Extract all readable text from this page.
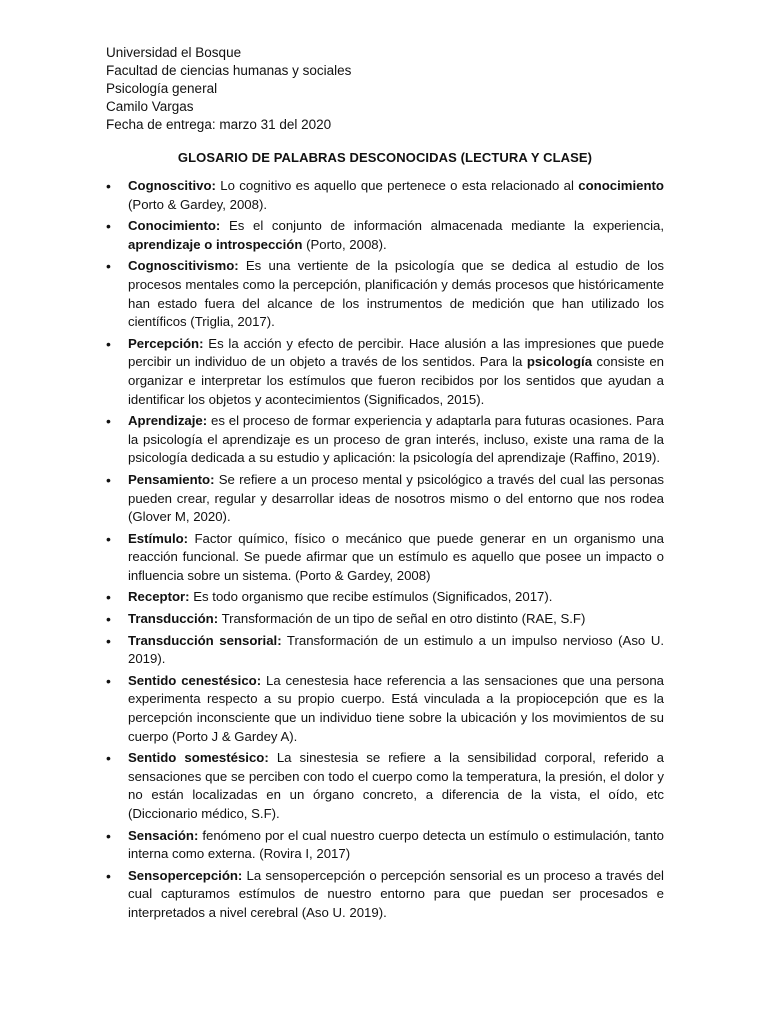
Universidad el Bosque

Facultad de ciencias humanas y sociales

Psicología general

Camilo Vargas

Fecha de entrega: marzo 31 del 2020

GLOSARIO DE PALABRAS DESCONOCIDAS (LECTURA Y CLASE)
• Cognoscitivo: Lo cognitivo es aquello que pertenece o esta relacionado al conocimiento (Porto & Gardey, 2008).
• Conocimiento: Es el conjunto de información almacenada mediante la experiencia, aprendizaje o introspección (Porto, 2008).
• Cognoscitivismo: Es una vertiente de la psicología que se dedica al estudio de los procesos mentales como la percepción, planificación y demás procesos que históricamente han estado fuera del alcance de los instrumentos de medición que han utilizado los científicos (Triglia, 2017).
• Percepción: Es la acción y efecto de percibir. Hace alusión a las impresiones que puede percibir un individuo de un objeto a través de los sentidos. Para la psicología consiste en organizar e interpretar los estímulos que fueron recibidos por los sentidos que ayudan a identificar los objetos y acontecimientos (Significados, 2015).
• Aprendizaje: es el proceso de formar experiencia y adaptarla para futuras ocasiones. Para la psicología el aprendizaje es un proceso de gran interés, incluso, existe una rama de la psicología dedicada a su estudio y aplicación: la psicología del aprendizaje (Raffino, 2019).
• Pensamiento: Se refiere a un proceso mental y psicológico a través del cual las personas pueden crear, regular y desarrollar ideas de nosotros mismo o del entorno que nos rodea (Glover M, 2020).
• Estímulo: Factor químico, físico o mecánico que puede generar en un organismo una reacción funcional. Se puede afirmar que un estímulo es aquello que posee un impacto o influencia sobre un sistema. (Porto & Gardey, 2008)
• Receptor: Es todo organismo que recibe estímulos (Significados, 2017).
• Transducción: Transformación de un tipo de señal en otro distinto (RAE, S.F)
• Transducción sensorial: Transformación de un estimulo a un impulso nervioso (Aso U. 2019).
• Sentido cenestésico: La cenestesia hace referencia a las sensaciones que una persona experimenta respecto a su propio cuerpo. Está vinculada a la propiocepción que es la percepción inconsciente que un individuo tiene sobre la ubicación y los movimientos de su cuerpo (Porto J & Gardey A).
• Sentido somestésico: La sinestesia se refiere a la sensibilidad corporal, referido a sensaciones que se perciben con todo el cuerpo como la temperatura, la presión, el dolor y no están localizadas en un órgano concreto, a diferencia de la vista, el oído, etc (Diccionario médico, S.F).
• Sensación: fenómeno por el cual nuestro cuerpo detecta un estímulo o estimulación, tanto interna como externa. (Rovira I, 2017)
• Sensopercepción: La sensopercepción o percepción sensorial es un proceso a través del cual capturamos estímulos de nuestro entorno para que puedan ser procesados e interpretados a nivel cerebral (Aso U. 2019).
